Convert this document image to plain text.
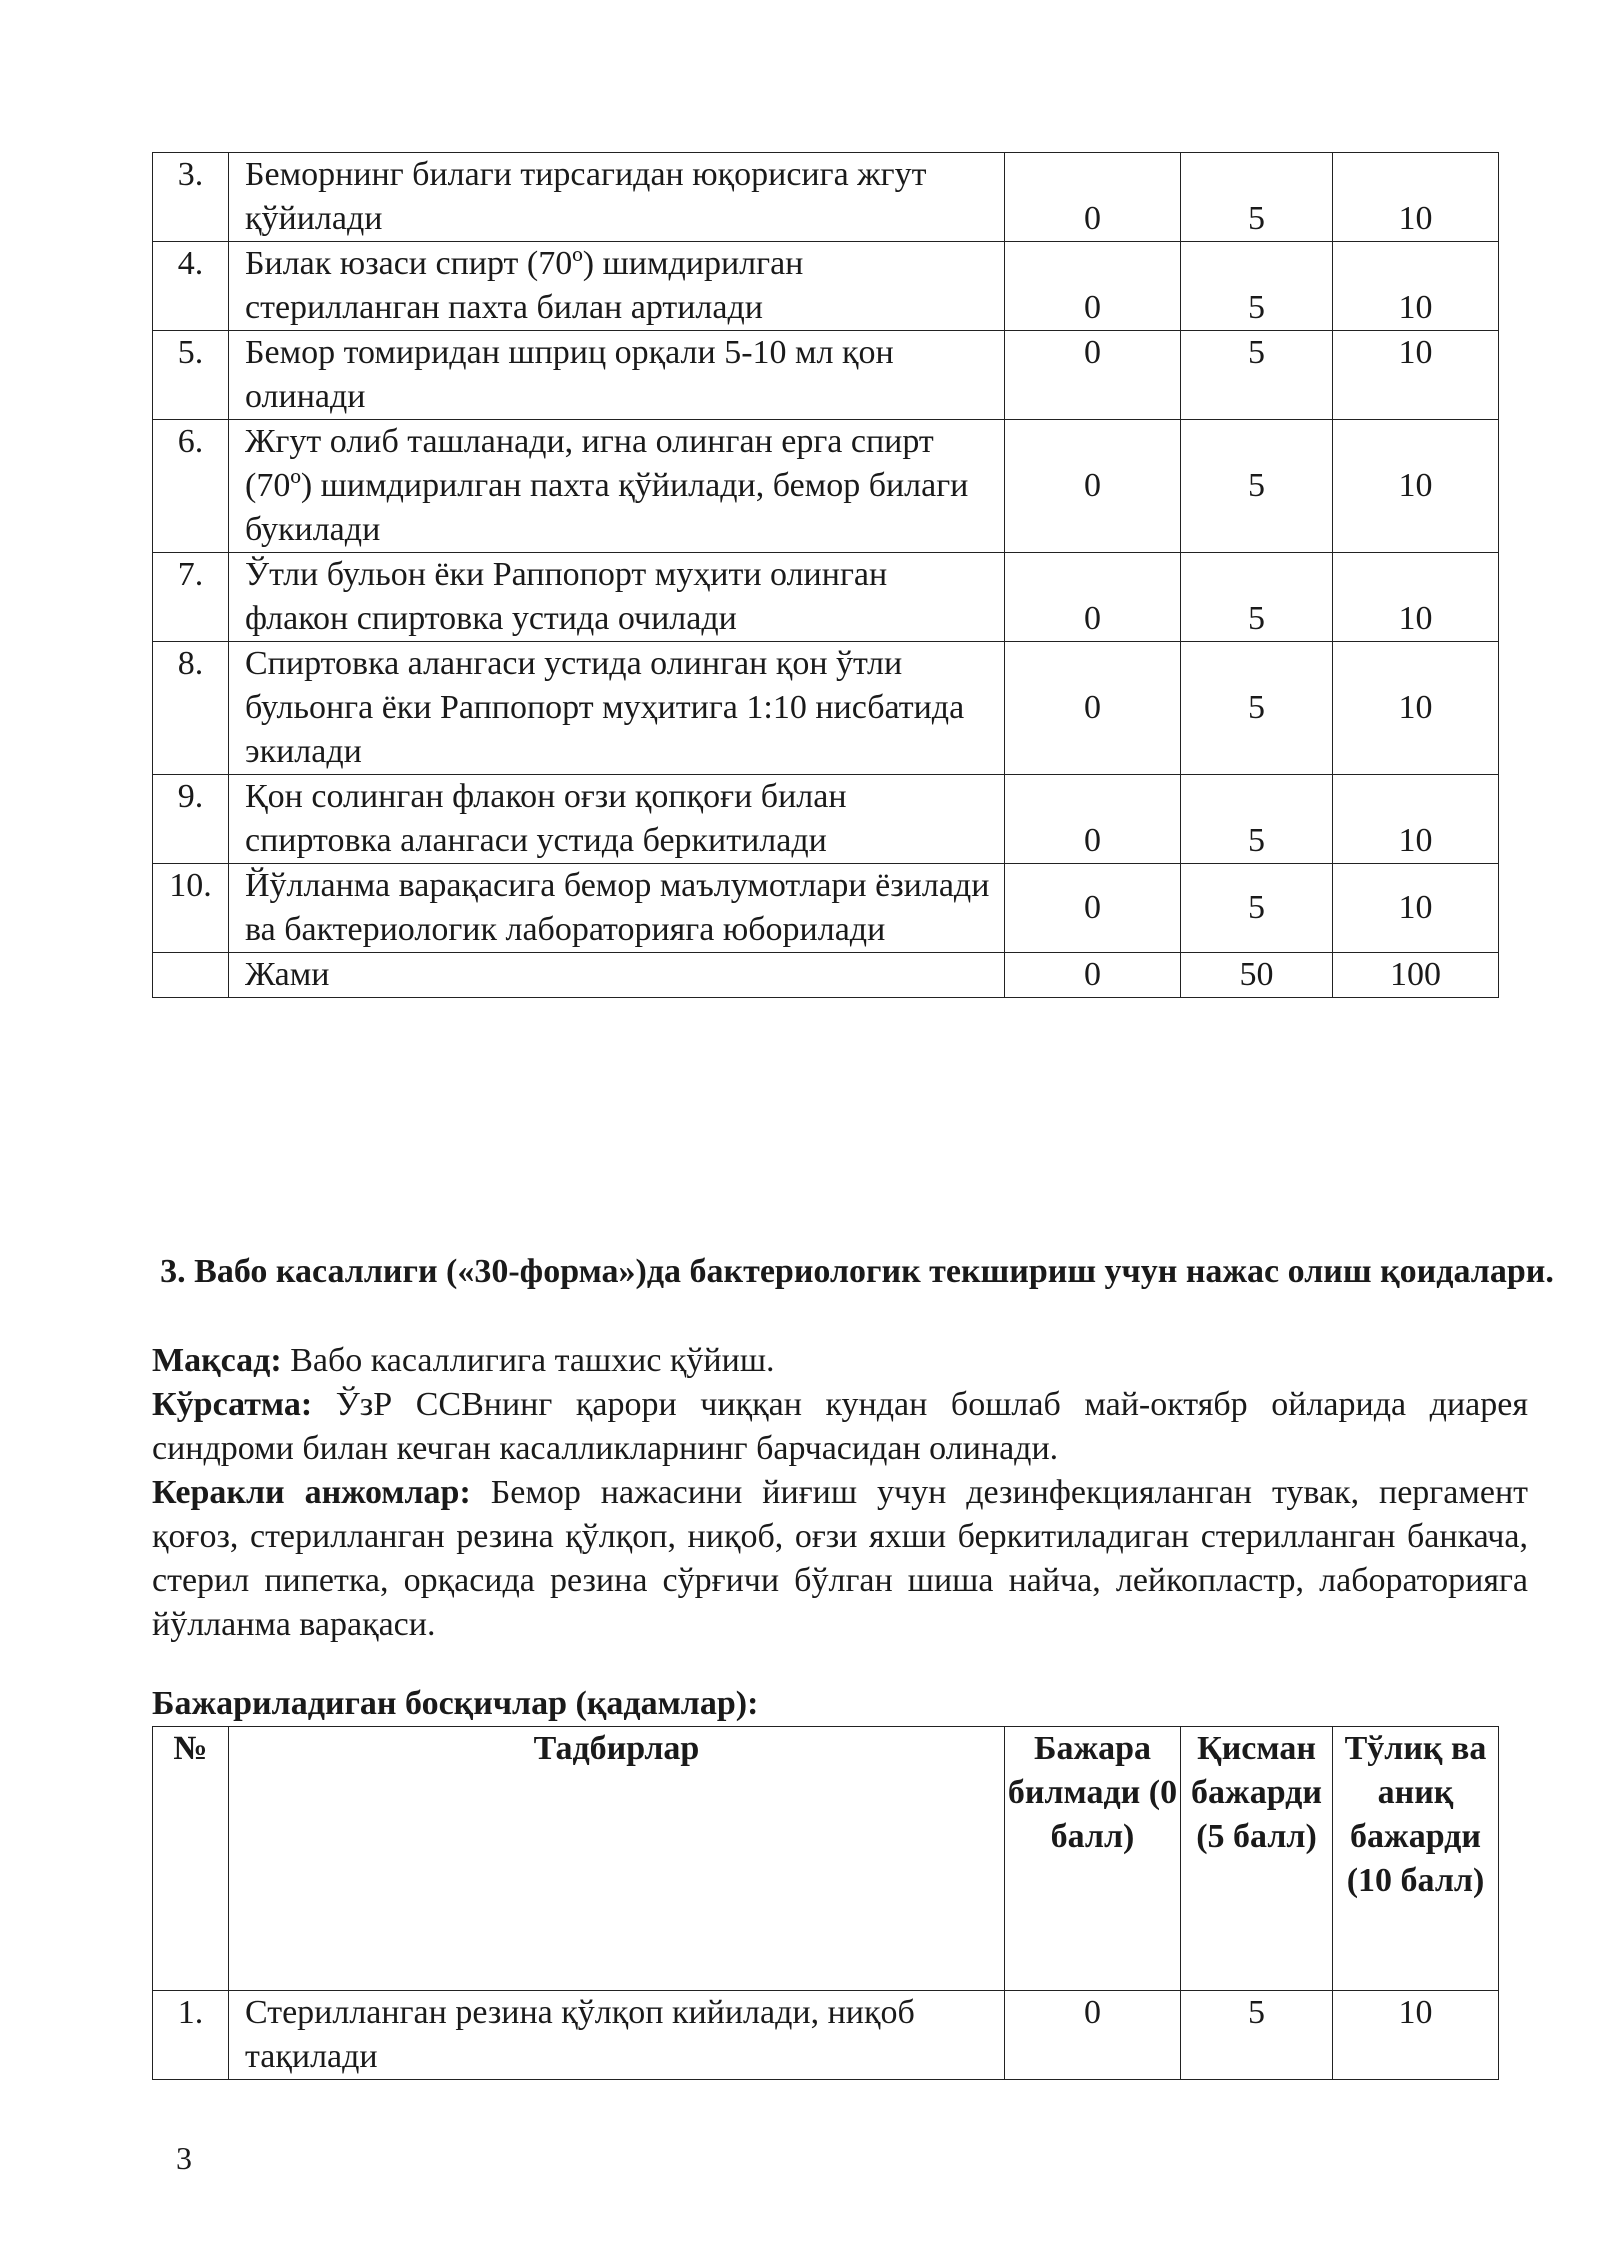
3.	Беморнинг билаги тирсагидан юқорисига жгут қўйилади	0	5	10
4.	Билак юзаси спирт (70º) шимдирилган стерилланган пахта билан артилади	0	5	10
5.	Бемор томиридан шприц орқали 5-10 мл қон олинади	0	5	10
6.	Жгут олиб ташланади, игна олинган ерга спирт (70º) шимдирилган пахта қўйилади, бемор билаги букилади	0	5	10
7.	Ўтли бульон ёки Раппопорт муҳити олинган флакон спиртовка устида очилади	0	5	10
8.	Спиртовка алангаси устида олинган қон ўтли бульонга ёки Раппопорт муҳитига 1:10 нисбатида экилади	0	5	10
9.	Қон солинган флакон оғзи қопқоғи билан спиртовка алангаси устида беркитилади	0	5	10
10.	Йўлланма варақасига бемор маълумотлари ёзилади ва бактериологик лабораторияга юборилади	0	5	10
	Жами	0	50	100
3. Вабо касаллиги («30-форма»)да бактериологик текшириш учун нажас олиш қоидалари.
Мақсад: Вабо касаллигига ташхис қўйиш.
Кўрсатма: ЎзР ССВнинг қарори чиққан кундан бошлаб май-октябр ойларида диарея синдроми билан кечган касалликларнинг барчасидан олинади.
Керакли анжомлар: Бемор нажасини йиғиш учун дезинфекцияланган тувак, пергамент қоғоз, стерилланган резина қўлқоп, ниқоб, оғзи яхши беркитиладиган стерилланган банкача, стерил пипетка, орқасида резина сўрғичи бўлган шиша найча, лейкопластр, лабораторияга йўлланма варақаси.
Бажариладиган босқичлар (қадамлар):
№	Тадбирлар	Бажара билмади (0 балл)	Қисман бажарди (5 балл)	Тўлиқ ва аниқ бажарди (10 балл)
1.	Стерилланган резина қўлқоп кийилади, ниқоб тақилади	0	5	10
3
